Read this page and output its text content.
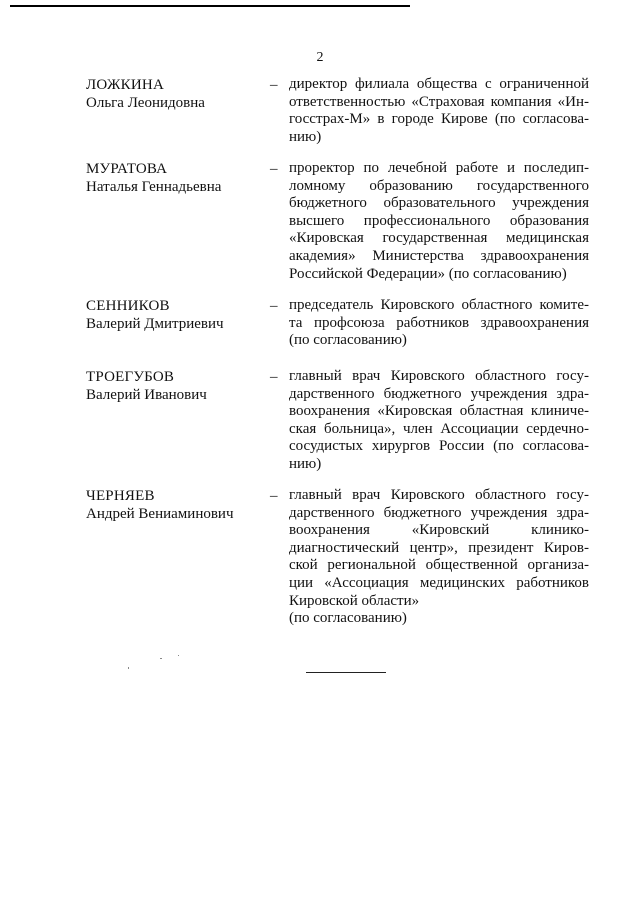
2
ЛОЖКИНА
Ольга Леонидовна
– директор филиала общества с ограниченной
ответственностью «Страховая компания «Ин-
госстрах-М» в городе Кирове (по согласова-
нию)
МУРАТОВА
Наталья Геннадьевна
– проректор по лечебной работе и последип-
ломному образованию государственного
бюджетного образовательного учреждения
высшего профессионального образования
«Кировская государственная медицинская
академия» Министерства здравоохранения
Российской Федерации» (по согласованию)
СЕННИКОВ
Валерий Дмитриевич
– председатель Кировского областного комите-
та профсоюза работников здравоохранения
(по согласованию)
ТРОЕГУБОВ
Валерий Иванович
– главный врач Кировского областного госу-
дарственного бюджетного учреждения здра-
воохранения «Кировская областная клиниче-
ская больница», член Ассоциации сердечно-
сосудистых хирургов России (по согласова-
нию)
ЧЕРНЯЕВ
Андрей Вениаминович
– главный врач Кировского областного госу-
дарственного бюджетного учреждения здра-
воохранения «Кировский клинико-
диагностический центр», президент Киров-
ской региональной общественной организа-
ции «Ассоциация медицинских работников
Кировской области»
(по согласованию)
